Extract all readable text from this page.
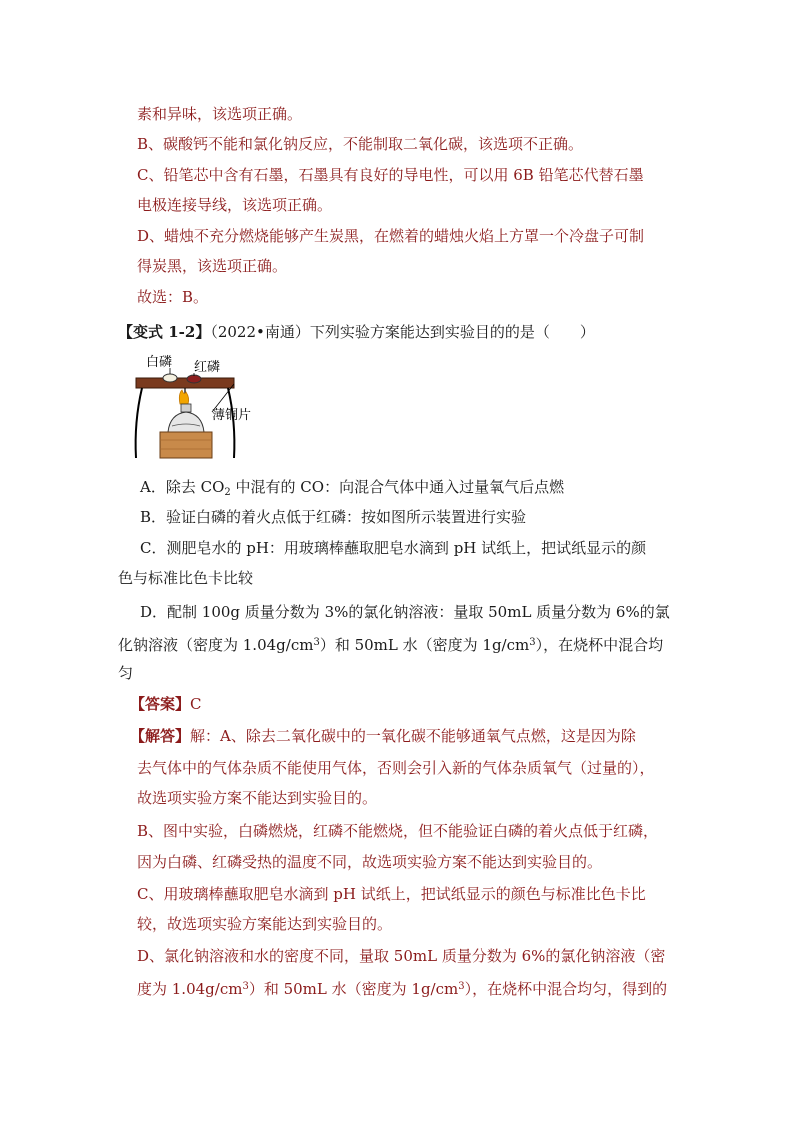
素和异味，该选项正确。
B、碳酸钙不能和氯化钠反应，不能制取二氧化碳，该选项不正确。
C、铅笔芯中含有石墨，石墨具有良好的导电性，可以用 6B 铅笔芯代替石墨
电极连接导线，该选项正确。
D、蜡烛不充分燃烧能够产生炭黑，在燃着的蜡烛火焰上方罩一个冷盘子可制
得炭黑，该选项正确。
故选：B。
【变式 1-2】（2022•南通）下列实验方案能达到实验目的的是（　　）
白磷 红磷
薄铜片
A．除去 $CO_2$ 中混有的 CO：向混合气体中通入过量氧气后点燃
B．验证白磷的着火点低于红磷：按如图所示装置进行实验
C．测肥皂水的 pH：用玻璃棒蘸取肥皂水滴到 pH 试纸上，把试纸显示的颜
色与标准比色卡比较
D．配制 100g 质量分数为 3%的氯化钠溶液：量取 50mL 质量分数为 6%的氯
化钠溶液（密度为 $1.04g/cm^3$）和 50mL 水（密度为 $1g/cm^3$），在烧杯中混合均
匀
【答案】C
【解答】解：A、除去二氧化碳中的一氧化碳不能够通氧气点燃，这是因为除
去气体中的气体杂质不能使用气体，否则会引入新的气体杂质氧气（过量的），
故选项实验方案不能达到实验目的。
B、图中实验，白磷燃烧，红磷不能燃烧，但不能验证白磷的着火点低于红磷，
因为白磷、红磷受热的温度不同，故选项实验方案不能达到实验目的。
C、用玻璃棒蘸取肥皂水滴到 pH 试纸上，把试纸显示的颜色与标准比色卡比
较，故选项实验方案能达到实验目的。
D、氯化钠溶液和水的密度不同，量取 50mL 质量分数为 6%的氯化钠溶液（密
度为 $1.04g/cm^3$）和 50mL 水（密度为 $1g/cm^3$），在烧杯中混合均匀，得到的
